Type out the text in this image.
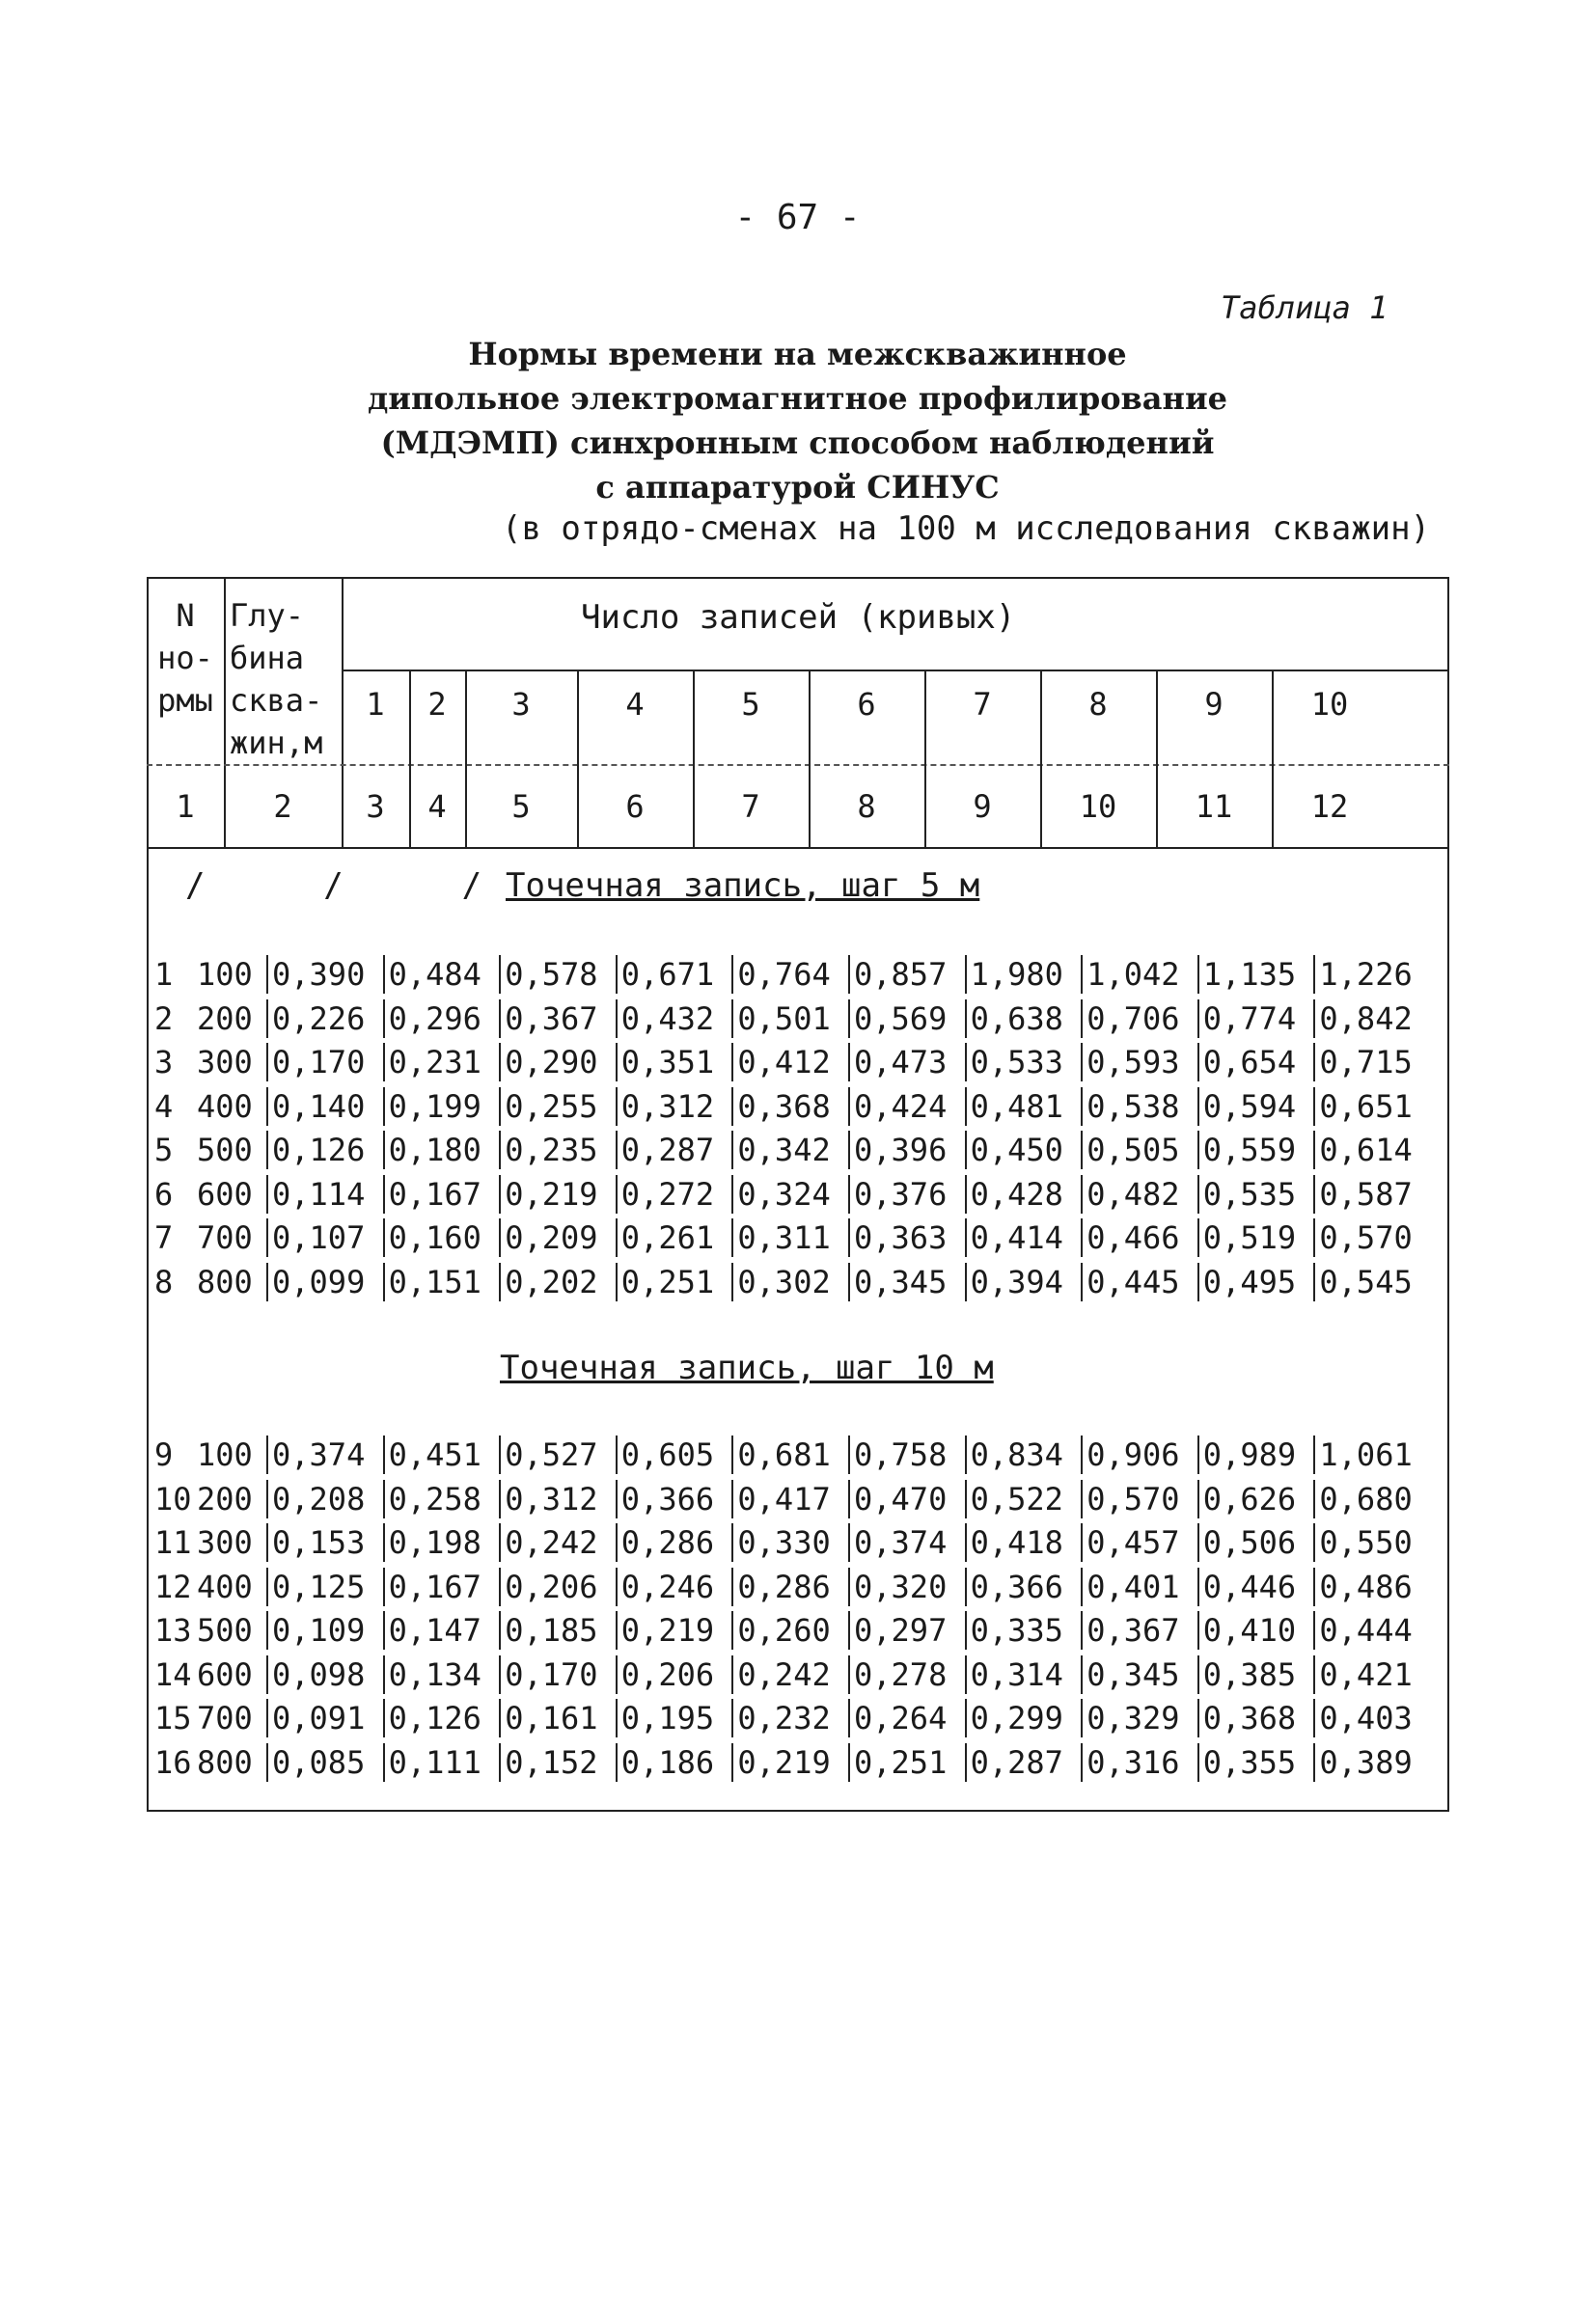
- 67 -
Таблица 1
Нормы времени на межскважинное
дипольное электромагнитное профилирование
(МДЭМП) синхронным способом наблюдений
с аппаратурой СИНУС
(в отрядо-сменах на 100 м исследования скважин)
N
но-
рмы
Глу-
бина
сква-
жин,м
Число записей (кривых)
1	2	3	4	5	6	7	8	9	10
1	2	3	4	5	6	7	8	9	10	11	12
/      /      / Точечная запись, шаг 5 м
Точечная запись, шаг 10 м
1 100 0,390 0,484 0,578 0,671 0,764 0,857 1,980 1,042 1,135 1,226
2 200 0,226 0,296 0,367 0,432 0,501 0,569 0,638 0,706 0,774 0,842
3 300 0,170 0,231 0,290 0,351 0,412 0,473 0,533 0,593 0,654 0,715
4 400 0,140 0,199 0,255 0,312 0,368 0,424 0,481 0,538 0,594 0,651
5 500 0,126 0,180 0,235 0,287 0,342 0,396 0,450 0,505 0,559 0,614
6 600 0,114 0,167 0,219 0,272 0,324 0,376 0,428 0,482 0,535 0,587
7 700 0,107 0,160 0,209 0,261 0,311 0,363 0,414 0,466 0,519 0,570
8 800 0,099 0,151 0,202 0,251 0,302 0,345 0,394 0,445 0,495 0,545
9 100 0,374 0,451 0,527 0,605 0,681 0,758 0,834 0,906 0,989 1,061
10 200 0,208 0,258 0,312 0,366 0,417 0,470 0,522 0,570 0,626 0,680
11 300 0,153 0,198 0,242 0,286 0,330 0,374 0,418 0,457 0,506 0,550
12 400 0,125 0,167 0,206 0,246 0,286 0,320 0,366 0,401 0,446 0,486
13 500 0,109 0,147 0,185 0,219 0,260 0,297 0,335 0,367 0,410 0,444
14 600 0,098 0,134 0,170 0,206 0,242 0,278 0,314 0,345 0,385 0,421
15 700 0,091 0,126 0,161 0,195 0,232 0,264 0,299 0,329 0,368 0,403
16 800 0,085 0,111 0,152 0,186 0,219 0,251 0,287 0,316 0,355 0,389
